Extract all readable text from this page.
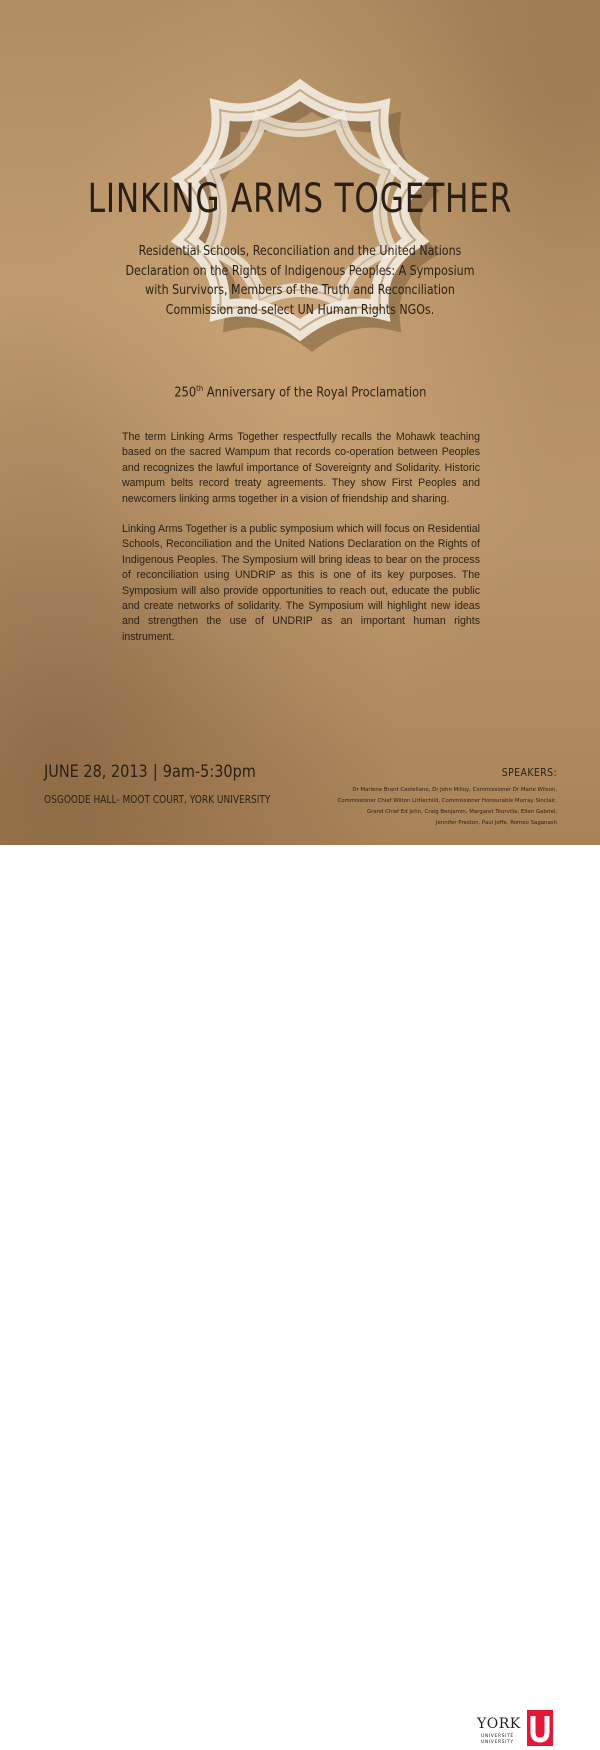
LINKING ARMS TOGETHER
Residential Schools, Reconciliation and the United Nations
Declaration on the Rights of Indigenous Peoples: A Symposium
with Survivors, Members of the Truth and Reconciliation
Commission and select UN Human Rights NGOs.
250th Anniversary of the Royal Proclamation

The term Linking Arms Together respectfully recalls the Mohawk teaching based on the sacred Wampum that records co-operation between Peoples and recognizes the lawful importance of Sovereignty and Solidarity. Historic wampum belts record treaty agreements. They show First Peoples and newcomers linking arms together in a vision of friendship and sharing.

Linking Arms Together is a public symposium which will focus on Residential Schools, Reconciliation and the United Nations Declaration on the Rights of Indigenous Peoples. The Symposium will bring ideas to bear on the process of reconciliation using UNDRIP as this is one of its key purposes. The Symposium will also provide opportunities to reach out, educate the public and create networks of solidarity. The Symposium will highlight new ideas and strengthen the use of UNDRIP as an important human rights instrument.

JUNE 28, 2013 | 9am-5:30pm
OSGOODE HALL- MOOT COURT, YORK UNIVERSITY
SPEAKERS:
Dr Marlene Brant Castellano, Dr John Milloy, Commissioner Dr Marie Wilson,
Commissioner Chief Wilton Littlechild, Commissioner Honourable Murray Sinclair,
Grand Chief Ed John, Craig Benjamin, Margaret Tourville, Ellen Gabriel,
Jennifer Preston, Paul Joffe, Romeo Saganash
YORK
UNIVERSITÉ
UNIVERSITY
